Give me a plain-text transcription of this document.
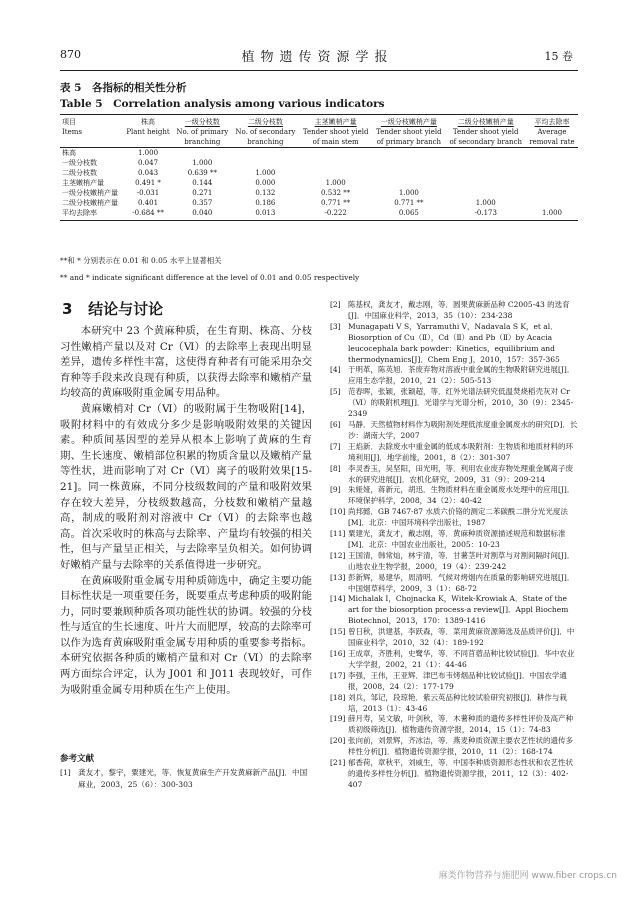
870	植物遗传资源学报	15 卷
表 5　各指标的相关性分析
Table 5　Correlation analysis among various indicators
项目	株高	一级分枝数	二级分枝数	主茎嫩梢产量	一级分枝嫩梢产量	二级分枝嫩梢产量	平均去除率
Items	Plant height	No. of primary	No. of secondary	Tender shoot yield	Tender shoot yield	Tender shoot yield	Average
		branching	branching	of main stem	of primary branch	of secondary branch	removal rate
株高	1.000						
一级分枝数	0.047	1.000					
二级分枝数	0.043	0.639 **	1.000				
主茎嫩梢产量	0.491 *	0.144	0.000	1.000			
一级分枝嫩梢产量	-0.031	0.271	0.132	0.532 **	1.000		
二级分枝嫩梢产量	0.401	0.357	0.186	0.771 **	0.771 **	1.000	
平均去除率	-0.684 **	0.040	0.013	-0.222	0.065	-0.173	1.000
**和 * 分别表示在 0.01 和 0.05 水平上显著相关
** and * indicate significant difference at the level of 0.01 and 0.05 respectively
3 结论与讨论

本研究中 23 个黄麻种质，在生育期、株高、分枝习性嫩梢产量以及对 Cr（Ⅵ）的去除率上表现出明显差异，遗传多样性丰富，这使得育种者有可能采用杂交育种等手段来改良现有种质，以获得去除率和嫩梢产量均较高的黄麻吸附重金属专用品种。

黄麻嫩梢对 Cr（Ⅵ）的吸附属于生物吸附[14]，吸附材料中的有效成分多少是影响吸附效果的关键因素。种质间基因型的差异从根本上影响了黄麻的生育期、生长速度、嫩梢部位积累的物质含量以及嫩梢产量等性状，进而影响了对 Cr（Ⅵ）离子的吸附效果[15-21]。同一株黄麻，不同分枝级数间的产量和吸附效果存在较大差异，分枝级数越高，分枝数和嫩梢产量越高，制成的吸附剂对溶液中 Cr（Ⅵ）的去除率也越高。首次采收时的株高与去除率、产量均有较强的相关性，但与产量呈正相关，与去除率呈负相关。如何协调好嫩梢产量与去除率的关系值得进一步研究。

在黄麻吸附重金属专用种质筛选中，确定主要功能目标性状是一项重要任务，既要重点考虑种质的吸附能力，同时要兼顾种质各项功能性状的协调。较强的分枝性与适宜的生长速度、叶片大而肥厚，较高的去除率可以作为选育黄麻吸附重金属专用种质的重要参考指标。本研究依据各种质的嫩梢产量和对 Cr（Ⅵ）的去除率两方面综合评定，认为 J001 和 J011 表现较好，可作为吸附重金属专用种质在生产上使用。

参考文献
[1] 龚友才，黎宇，粟建光，等．恢复黄麻生产开发黄麻新产品[J]．中国麻业，2003，25（6）：300-303
[2] 陈基权，龚友才，戴志刚，等．圆果黄麻新品种 C2005-43 的选育[J]．中国麻业科学，2013，35（10）：234-238
[3] Munagapati V S，Yarramuthi V，Nadavala S K，et al．Biosorption of Cu（Ⅱ），Cd（Ⅱ）and Pb（Ⅱ）by Acacia leucocephala bark powder：Kinetics，equilibrium and thermodynamics[J]．Chem Eng J，2010，157：357-365
[4] 于明革，陈英旭．茶废弃物对溶液中重金属的生物吸附研究进展[J]．应用生态学报，2010，21（2）：505-513
[5] 范春晖，张颖，张颖超，等．红外光谱法研究低温焚烧稻壳灰对 Cr（Ⅵ）的吸附机理[J]．光谱学与光谱分析，2010，30（9）：2345-2349
[6] 马静．天然植物材料作为吸附剂处理低浓度重金属废水的研究[D]．长沙：湖南大学，2007
[7] 王焰新．去除废水中重金属的低成本吸附剂：生物质和地质材料的环境利用[J]．地学前缘，2001，8（2）：301-307
[8] 李灵香玉，吴坚阳，田光明，等．利用农业废弃物处理重金属离子废水的研究进展[J]．农机化研究，2009，31（9）：209-214
[9] 朱娅娅，蒋新元，胡迅．生物质材料在重金属废水处理中的应用[J]．环境保护科学，2008，34（2）：40-42
[10] 尚邦懿．GB 7467-87 水质六价铬的测定二苯碳酰二肼分光光度法[M]．北京：中国环境科学出版社，1987
[11] 粟建光，龚友才，戴志刚，等．黄麻种质资源描述规范和数据标准[M]．北京：中国农业出版社，2005：10-23
[12] 王国清，韩常灿，林宇清，等．甘薯茎叶对割草与对割间隔时间[J]．山地农业生物学报，2000，19（4）：239-242
[13] 彭新辉，易建华，周清明．气候对烤烟内在质量的影响研究进展[J]．中国烟草科学，2009，3（1）：68-72
[14] Michalak I，Chojnacka K，Witek-Krowiak A．State of the art for the biosorption process-a review[J]．Appl Biochem Biotechnol，2013，170：1389-1416
[15] 曾日秋，洪建基，李跃森，等．菜用黄麻资源筛选及品质评价[J]．中国麻业科学，2010，32（4）：189-192
[16] 王成章，齐胜利，史鹭华，等．不同苜蓿品种比较试验[J]．华中农业大学学报，2002，21（1）：44-46
[17] 李强，王伟，王亚辉．津巴布韦烤烟品种比较试验[J]．中国农学通报，2008，24（2）：177-179
[18] 刘兵，邹记，段琼艳．紫云英品种比较试验研究初报[J]．耕作与栽培，2013（1）：43-46
[19] 薛月寿，吴文敏，叶剑秋，等．木薯种质的遗传多样性评价及高产种质初级筛选[J]．植物遗传资源学报，2014，15（1）：74-83
[20] 张向前，刘景辉，齐冰洁，等．燕麦种质资源主要农艺性状的遗传多样性分析[J]．植物遗传资源学报，2010，11（2）：168-174
[21] 郁香荷，章秋平，刘威生，等．中国李种质资源形态性状和农艺性状的遗传多样性分析[J]．植物遗传资源学报，2011，12（3）：402-407
麻类作物营养与施肥网 www.fiber crops.cn
